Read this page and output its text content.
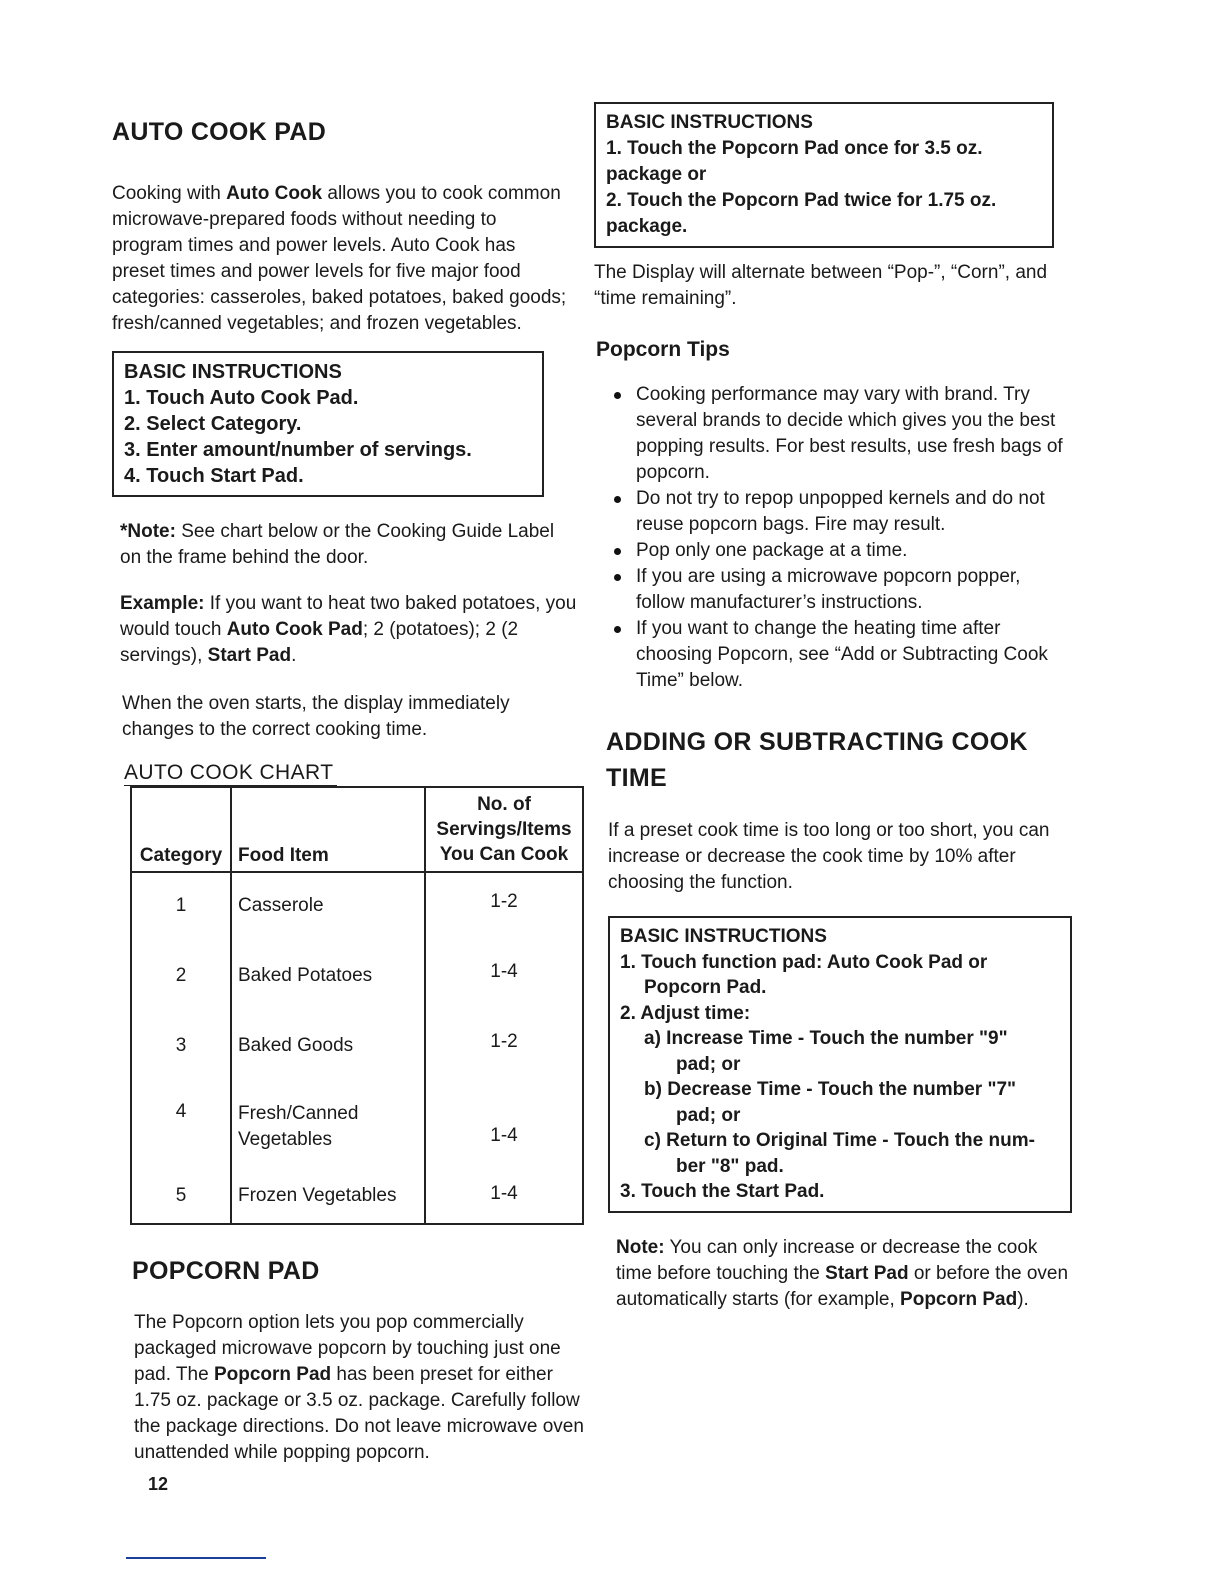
AUTO COOK PAD

Cooking with Auto Cook allows you to cook common microwave-prepared foods without needing to program times and power levels. Auto Cook has preset times and power levels for five major food categories: casseroles, baked potatoes, baked goods; fresh/canned vegetables; and frozen vegetables.

BASIC INSTRUCTIONS
1. Touch Auto Cook Pad.
2. Select Category.
3. Enter amount/number of servings.
4. Touch Start Pad.

*Note: See chart below or the Cooking Guide Label on the frame behind the door.

Example: If you want to heat two baked potatoes, you would touch Auto Cook Pad; 2 (potatoes); 2 (2 servings), Start Pad.

When the oven starts, the display immediately changes to the correct cooking time.

AUTO COOK CHART
Category	Food Item	No. of Servings/Items You Can Cook
1	Casserole	1-2
2	Baked Potatoes	1-4
3	Baked Goods	1-2
4	Fresh/Canned Vegetables	1-4
5	Frozen Vegetables	1-4
POPCORN PAD

The Popcorn option lets you pop commercially packaged microwave popcorn by touching just one pad. The Popcorn Pad has been preset for either 1.75 oz. package or 3.5 oz. package. Carefully follow the package directions. Do not leave microwave oven unattended while popping popcorn.

BASIC INSTRUCTIONS
1. Touch the Popcorn Pad once for 3.5 oz. package or
2. Touch the Popcorn Pad twice for 1.75 oz. package.

The Display will alternate between “Pop-”, “Corn”, and “time remaining”.

Popcorn Tips
Cooking performance may vary with brand. Try several brands to decide which gives you the best popping results. For best results, use fresh bags of popcorn.
Do not try to repop unpopped kernels and do not reuse popcorn bags. Fire may result.
Pop only one package at a time.
If you are using a microwave popcorn popper, follow manufacturer’s instructions.
If you want to change the heating time after choosing Popcorn, see “Add or Subtracting Cook Time” below.
ADDING OR SUBTRACTING COOK TIME

If a preset cook time is too long or too short, you can increase or decrease the cook time by 10% after choosing the function.

BASIC INSTRUCTIONS
1. Touch function pad: Auto Cook Pad or
Popcorn Pad.
2. Adjust time:
a) Increase Time - Touch the number "9"
pad; or
b) Decrease Time - Touch the number "7"
pad; or
c) Return to Original Time - Touch the num-
ber "8" pad.
3. Touch the Start Pad.

Note: You can only increase or decrease the cook time before touching the Start Pad or before the oven automatically starts (for example, Popcorn Pad).

12
